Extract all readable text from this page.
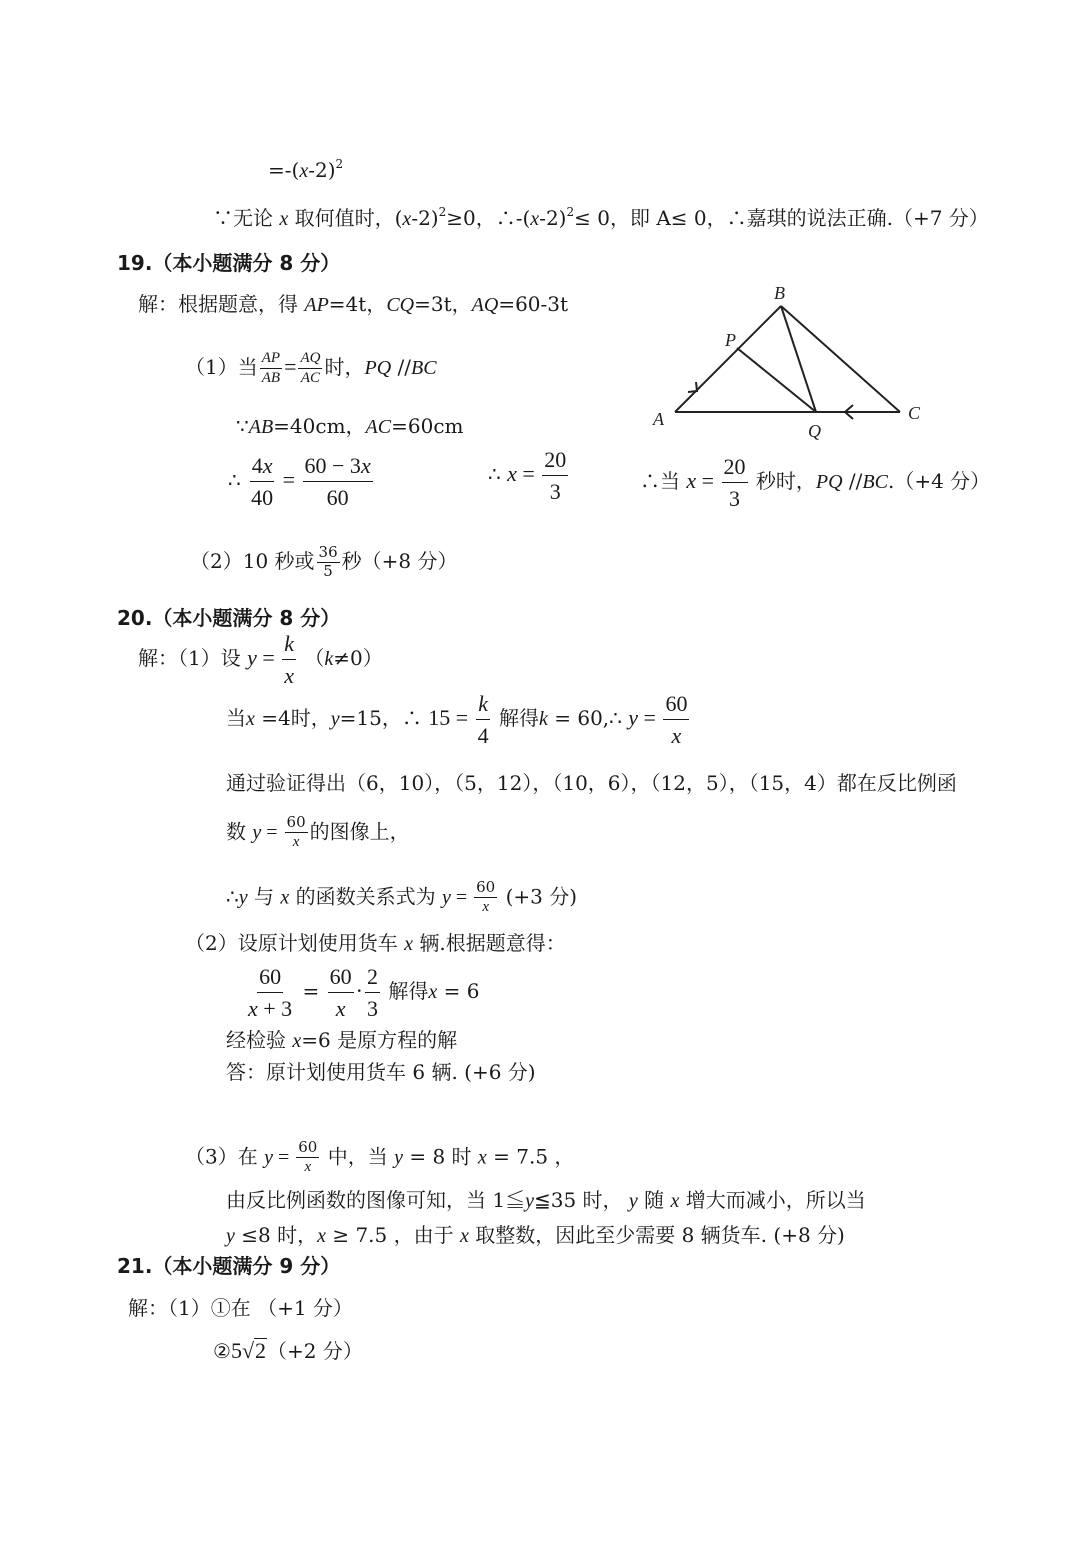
$=-(x-2)^2$
∵无论 x 取何值时，$(x-2)^2\ge 0$，$\therefore-(x-2)^2\le 0$，即 A≤ 0，∴嘉琪的说法正确.（+7 分）
19.（本小题满分 8 分）
解：根据题意，得 AP=4t，CQ=3t，AQ=60-3t
（1）当 $\frac{AP}{AB} = \frac{AQ}{AC}$ 时，PQ //BC
∵AB=40cm，AC=60cm
∴ $\frac{4x}{40} = \frac{60 - 3x}{60}$	∴ $x = \frac{20}{3}$	∴当 $x = \frac{20}{3}$ 秒时，PQ //BC.（+4 分）
（2）10 秒或 $\frac{36}{5}$ 秒（+8 分）
A
B
C
P
Q
20.（本小题满分 8 分）
解：（1）设 $y = \frac{k}{x} (k\ne 0)$
当x =4时，y=15，∴ $15 = \frac{k}{4}$ 解得k = 60,∴ $y = \frac{60}{x}$
通过验证得出（6，10），（5，12），（10，6），（12，5），（15，4）都在反比例函
数 $y = \frac{60}{x}$ 的图像上，
∴y 与 x 的函数关系式为 $y = \frac{60}{x} (+3$ 分)
（2）设原计划使用货车 x 辆.根据题意得：
$\frac{60}{x + 3} = \frac{60}{x} \cdot \frac{2}{3}$ 解得x = 6
经检验 x=6 是原方程的解
答：原计划使用货车 6 辆. (+6 分)
（3）在 $y = \frac{60}{x}$ 中，当 y = 8 时 x = 7.5 ，
由反比例函数的图像可知，当 1≦y≦35 时， y 随 x 增大而减小，所以当
y ≤8 时，x ≥ 7.5 ，由于 x 取整数，因此至少需要 8 辆货车. (+8 分)
21.（本小题满分 9 分）
解：（1）①在 （+1 分）
②5√2（+2 分）
